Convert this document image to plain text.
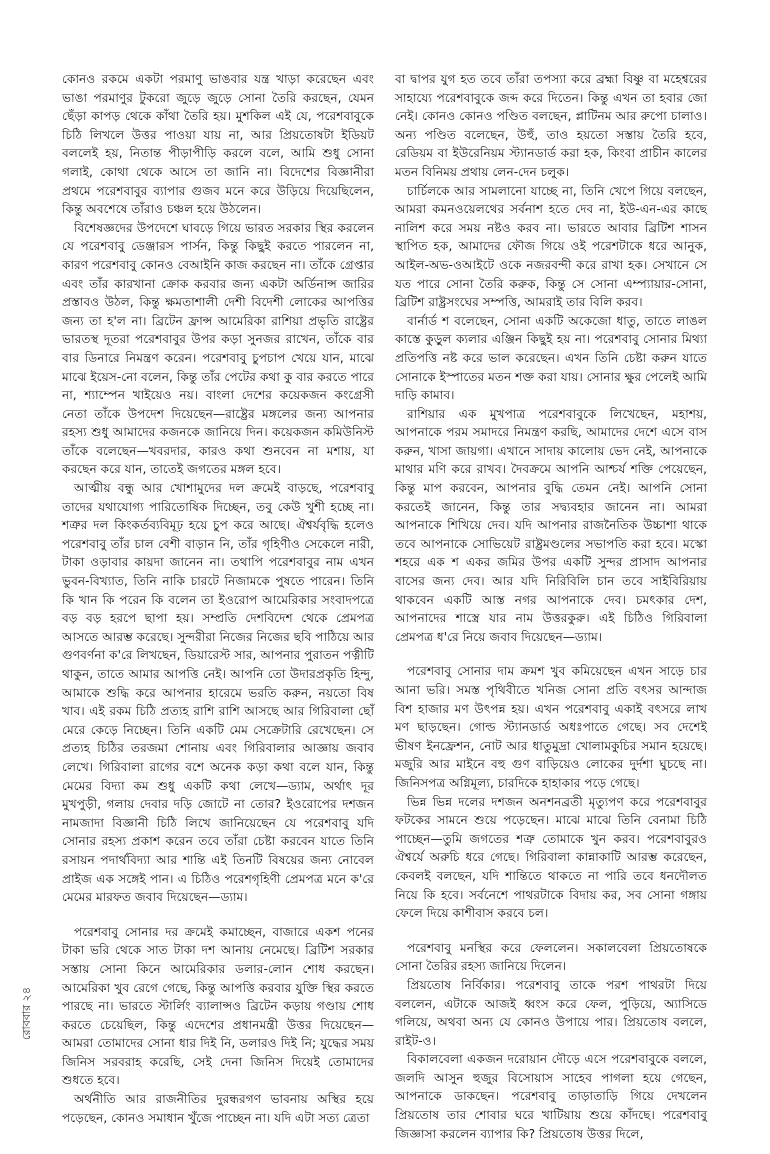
কোনও রকমে একটা পরমাণু ভাঙবার যন্ত্র খাড়া করেছেন এবং ভাঙা পরমাণুর টুকরো জুড়ে জুড়ে সোনা তৈরি করছেন, যেমন ছেঁড়া কাপড় থেকে কাঁথা তৈরি হয়। মুশকিল এই যে, পরেশবাবুকে চিঠি লিখলে উত্তর পাওয়া যায় না, আর প্রিয়তোষটা ইডিয়ট বললেই হয়, নিতান্ত পীড়াপীড়ি করলে বলে, আমি শুধু সোনা গলাই, কোথা থেকে আসে তা জানি না। বিদেশের বিজ্ঞানীরা প্রথমে পরেশবাবুর ব্যাপার গুজব মনে করে উড়িয়ে দিয়েছিলেন, কিন্তু অবশেষে তাঁরাও চঞ্চল হয়ে উঠলেন।

বিশেষজ্ঞদের উপদেশে ঘাবড়ে গিয়ে ভারত সরকার স্থির করলেন যে পরেশবাবু ডেঞ্জারস পার্সন, কিন্তু কিছুই করতে পারলেন না, কারণ পরেশবাবু কোনও বেআইনি কাজ করছেন না। তাঁকে গ্রেপ্তার এবং তাঁর কারখানা ক্রোক করবার জন্য একটা অর্ডিনান্স জারির প্রস্তাবও উঠল, কিন্তু ক্ষমতাশালী দেশী বিদেশী লোকের আপত্তির জন্য তা হ'ল না। ব্রিটেন ফ্রান্স আমেরিকা রাশিয়া প্রভৃতি রাষ্ট্রের ভারতস্থ দূতরা পরেশবাবুর উপর কড়া সুনজর রাখেন, তাঁকে বার বার ডিনারে নিমন্ত্রণ করেন। পরেশবাবু চুপচাপ খেয়ে যান, মাঝে মাঝে ইয়েস-নো বলেন, কিন্তু তাঁর পেটের কথা কু বার করতে পারে না, শ্যাম্পেন খাইয়েও নয়। বাংলা দেশের কয়েকজন কংগ্রেসী নেতা তাঁকে উপদেশ দিয়েছেন—রাষ্ট্রের মঙ্গলের জন্য আপনার রহস্য শুধু আমাদের কজনকে জানিয়ে দিন। কয়েকজন কমিউনিস্ট তাঁকে বলেছেন—খবরদার, কারও কথা শুনবেন না মশায়, যা করছেন করে যান, তাতেই জগতের মঙ্গল হবে।

আত্মীয় বন্ধু আর খোশামুদের দল ক্রমেই বাড়ছে, পরেশবাবু তাদের যথাযোগ্য পারিতোষিক দিচ্ছেন, তবু কেউ খুশী হচ্ছে না। শত্রুর দল কিংকর্তব্যবিমূঢ় হয়ে চুপ করে আছে। ঐশ্বর্যবৃদ্ধি হলেও পরেশবাবু তাঁর চাল বেশী বাড়ান নি, তাঁর গৃহিণীও সেকেলে নারী, টাকা ওড়াবার কায়দা জানেন না। তথাপি পরেশবাবুর নাম এখন ভুবন-বিখ্যাত, তিনি নাকি চারটে নিজামকে পুষতে পারেন। তিনি কি খান কি পরেন কি বলেন তা ইওরোপ আমেরিকার সংবাদপত্রে বড় বড় হরপে ছাপা হয়। সম্প্রতি দেশবিদেশ থেকে প্রেমপত্র আসতে আরম্ভ করেছে। সুন্দরীরা নিজের নিজের ছবি পাঠিয়ে আর গুণবর্ণনা ক'রে লিখছেন, ডিয়ারেস্ট সার, আপনার পুরাতন পত্নীটি থাকুন, তাতে আমার আপত্তি নেই। আপনি তো উদারপ্রকৃতি হিন্দু, আমাকে শুদ্ধি করে আপনার হারেমে ভরতি করুন, নয়তো বিষ খাব। এই রকম চিঠি প্রত্যহ রাশি রাশি আসছে আর গিরিবালা ছোঁ মেরে কেড়ে নিচ্ছেন। তিনি একটি মেম সেক্রেটারি রেখেছেন। সে প্রত্যহ চিঠির তরজমা শোনায় এবং গিরিবালার আজ্ঞায় জবাব লেখে। গিরিবালা রাগের বশে অনেক কড়া কথা বলে যান, কিন্তু মেমের বিদ্যা কম শুধু একটি কথা লেখে—ড্যাম, অর্থাৎ দূর মুখপুড়ী, গলায় দেবার দড়ি জোটে না তোর? ইওরোপের দশজন নামজাদা বিজ্ঞানী চিঠি লিখে জানিয়েছেন যে পরেশবাবু যদি সোনার রহস্য প্রকাশ করেন তবে তাঁরা চেষ্টা করবেন যাতে তিনি রসায়ন পদার্থবিদ্যা আর শান্তি এই তিনটি বিষয়ের জন্য নোবেল প্রাইজ এক সঙ্গেই পান। এ চিঠিও পরেশগৃহিণী প্রেমপত্র মনে ক'রে মেমের মারফত জবাব দিয়েছেন—ড্যাম।

পরেশবাবু সোনার দর ক্রমেই কমাচ্ছেন, বাজারে একশ পনের টাকা ভরি থেকে সাত টাকা দশ আনায় নেমেছে। ব্রিটিশ সরকার সস্তায় সোনা কিনে আমেরিকার ডলার-লোন শোধ করছেন। আমেরিকা খুব রেগে গেছে, কিন্তু আপত্তি করবার যুক্তি স্থির করতে পারছে না। ভারতে স্টার্লিং ব্যালান্সও ব্রিটেন কড়ায় গণ্ডায় শোধ করতে চেয়েছিল, কিন্তু এদেশের প্রধানমন্ত্রী উত্তর দিয়েছেন—আমরা তোমাদের সোনা ধার দিই নি, ডলারও দিই নি; যুদ্ধের সময় জিনিস সরবরাহ করেছি, সেই দেনা জিনিস দিয়েই তোমাদের শুধতে হবে।

অর্থনীতি আর রাজনীতির দুরন্ধরগণ ভাবনায় অস্থির হয়ে পড়েছেন, কোনও সমাধান খুঁজে পাচ্ছেন না। যদি এটা সত্য ত্রেতা

বা দ্বাপর যুগ হত তবে তাঁরা তপস্যা করে ব্রহ্মা বিষ্ণু বা মহেশ্বরের সাহায্যে পরেশবাবুকে জব্দ করে দিতেন। কিন্তু এখন তা হবার জো নেই। কোনও কোনও পণ্ডিত বলছেন, প্লাটিনম আর রুপো চালাও। অন্য পণ্ডিত বলেছেন, উহুঁ, তাও হয়তো সস্তায় তৈরি হবে, রেডিয়ম বা ইউরেনিয়ম স্ট্যানডার্ড করা হক, কিংবা প্রাচীন কালের মতন বিনিময় প্রথায় লেন-দেন চলুক।

চার্চিলকে আর সামলানো যাচ্ছে না, তিনি খেপে গিয়ে বলছেন, আমরা কমনওয়েলথের সর্বনাশ হতে দেব না, ইউ-এন-এর কাছে নালিশ করে সময় নষ্টও করব না। ভারতে আবার ব্রিটিশ শাসন স্থাপিত হক, আমাদের ফৌজ গিয়ে ওই পরেশটাকে ধরে আনুক, আইল-অভ-ওআইটে ওকে নজরবন্দী করে রাখা হক। সেখানে সে যত পারে সোনা তৈরি করুক, কিন্তু সে সোনা এম্প্যায়ার-সোনা, ব্রিটিশ রাষ্ট্রসংঘের সম্পত্তি, আমরাই তার বিলি করব।

বার্নার্ড শ বলেছেন, সোনা একটি অকেজো ধাতু, তাতে লাঙল কাস্তে কুড়ুল ক্যলার এঞ্জিন কিছুই হয় না। পরেশবাবু সোনার মিথ্যা প্রতিপত্তি নষ্ট করে ভাল করেছেন। এখন তিনি চেষ্টা করুন যাতে সোনাকে ইস্পাতের মতন শক্ত করা যায়। সোনার ক্ষুর পেলেই আমি দাড়ি কামাব।

রাশিয়ার এক মুখপাত্র পরেশবাবুকে লিখেছেন, মহাশয়, আপনাকে পরম সমাদরে নিমন্ত্রণ করছি, আমাদের দেশে এসে বাস করুন, খাসা জায়গা। এখানে সাদায় কালোয় ভেদ নেই, আপনাকে মাথার মণি করে রাখব। দৈবক্রমে আপনি আশ্চর্য শক্তি পেয়েছেন, কিন্তু মাপ করবেন, আপনার বুদ্ধি তেমন নেই। আপনি সোনা করতেই জানেন, কিন্তু তার সদ্ব্যবহার জানেন না। আমরা আপনাকে শিখিয়ে দেব। যদি আপনার রাজনৈতিক উচ্চাশা থাকে তবে আপনাকে সোভিয়েট রাষ্ট্রমণ্ডলের সভাপতি করা হবে। মস্কো শহরে এক শ একর জমির উপর একটি সুন্দর প্রাসাদ আপনার বাসের জন্য দেব। আর যদি নিরিবিলি চান তবে সাইবিরিয়ায় থাকবেন একটি আস্ত নগর আপনাকে দেব। চমৎকার দেশ, আপনাদের শাস্ত্রে যার নাম উত্তরকুরু। এই চিঠিও গিরিবালা প্রেমপত্র ধ'রে নিয়ে জবাব দিয়েছেন—ড্যাম।

পরেশবাবু সোনার দাম ক্রমশ খুব কমিয়েছেন এখন সাড়ে চার আনা ভরি। সমস্ত পৃথিবীতে খনিজ সোনা প্রতি বৎসর আন্দাজ বিশ হাজার মণ উৎপন্ন হয়। এখন পরেশবাবু একাই বৎসরে লাখ মণ ছাড়ছেন। গোল্ড স্ট্যানডার্ড অধঃপাতে গেছে। সব দেশেই ভীষণ ইনফ্রেশন, নোট আর ধাতুমুদ্রা খোলামকুচির সমান হয়েছে। মজুরি আর মাইনে বহু গুণ বাড়িয়েও লোকের দুর্দশা ঘুচছে না। জিনিসপত্র অগ্নিমূল্য, চারদিকে হাহাকার পড়ে গেছে।

ভিন্ন ভিন্ন দলের দশজন অনশনব্রতী মৃত্যুপণ করে পরেশবাবুর ফটকের সামনে শুয়ে পড়েছেন। মাঝে মাঝে তিনি বেনামা চিঠি পাচ্ছেন—তুমি জগতের শত্রু তোমাকে খুন করব। পরেশবাবুরও ঐশ্বর্যে অরুচি ধরে গেছে। গিরিবালা কান্নাকাটি আরম্ভ করেছেন, কেবলই বলছেন, যদি শান্তিতে থাকতে না পারি তবে ধনদৌলত নিয়ে কি হবে। সর্বনেশে পাথরটাকে বিদায় কর, সব সোনা গঙ্গায় ফেলে দিয়ে কাশীবাস করবে চল।

পরেশবাবু মনস্থির করে ফেললেন। সকালবেলা প্রিয়তোষকে সোনা তৈরির রহস্য জানিয়ে দিলেন।

প্রিয়তোষ নির্বিকার। পরেশবাবু তাকে পরশ পাথরটা দিয়ে বললেন, এটাকে আজই ধ্বংস করে ফেল, পুড়িয়ে, অ্যাসিডে গলিয়ে, অথবা অন্য যে কোনও উপায়ে পার। প্রিয়তোষ বললে, রাইট-ও।

বিকালবেলা একজন দরোয়ান দৌড়ে এসে পরেশবাবুকে বললে, জলদি আসুন হুজুর বিসোয়াস সাহেব পাগলা হয়ে গেছেন, আপনাকে ডাকছেন। পরেশবাবু তাড়াতাড়ি গিয়ে দেখলেন প্রিয়তোষ তার শোবার ঘরে খাটিয়ায় শুয়ে কাঁদছে। পরেশবাবু জিজ্ঞাসা করলেন ব্যাপার কি? প্রিয়তোষ উত্তর দিলে,

রোববার ২৪
